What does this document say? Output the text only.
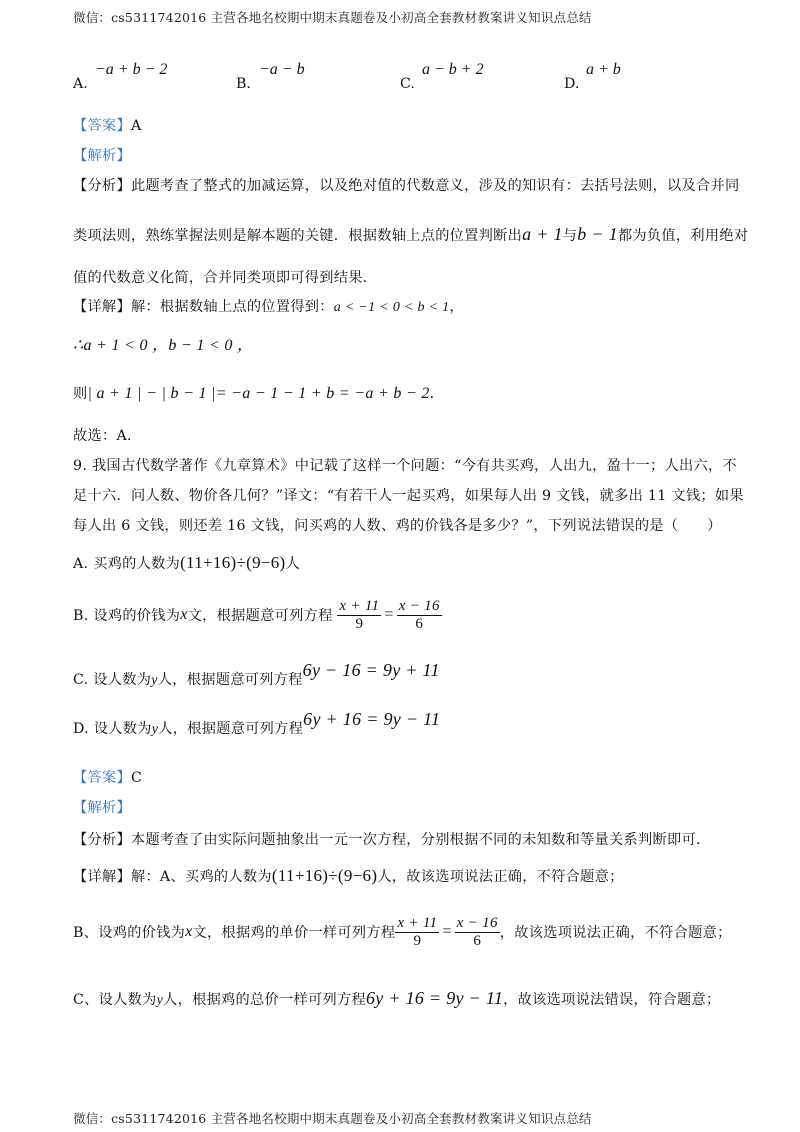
微信：cs5311742016 主营各地名校期中期末真题卷及小初高全套教材教案讲义知识点总结
A.
−a + b − 2
B.
−a − b
C.
a − b + 2
D.
a + b
【答案】A
【解析】
【分析】此题考查了整式的加减运算，以及绝对值的代数意义，涉及的知识有：去括号法则，以及合并同
类项法则，熟练掌握法则是解本题的关键．根据数轴上点的位置判断出a + 1与b − 1都为负值，利用绝对
值的代数意义化简，合并同类项即可得到结果．
【详解】解：根据数轴上点的位置得到：a < −1 < 0 < b < 1，
∴a + 1 < 0 ，b − 1 < 0 ，
则| a + 1 | − | b − 1 |= −a − 1 − 1 + b = −a + b − 2．
故选：A．
9. 我国古代数学著作《九章算术》中记载了这样一个问题：“今有共买鸡，人出九，盈十一；人出六，不
足十六．问人数、物价各几何？”译文：“有若干人一起买鸡，如果每人出 9 文钱，就多出 11 文钱；如果
每人出 6 文钱，则还差 16 文钱，问买鸡的人数、鸡的价钱各是多少？”，下列说法错误的是（　　）
A. 买鸡的人数为(11+16)÷(9−6)人
B. 设鸡的价钱为x文，根据题意可列方程 $\frac{x + 11}{9} = \frac{x - 16}{6}$
C. 设人数为y人，根据题意可列方程6y − 16 = 9y + 11
D. 设人数为y人，根据题意可列方程6y + 16 = 9y − 11
【答案】C
【解析】
【分析】本题考查了由实际问题抽象出一元一次方程，分别根据不同的未知数和等量关系判断即可．
【详解】解：A、买鸡的人数为(11+16)÷(9−6)人，故该选项说法正确，不符合题意；
B、设鸡的价钱为x文，根据鸡的单价一样可列方程 $\frac{x + 11}{9} = \frac{x - 16}{6}$ ，故该选项说法正确，不符合题意；
C、设人数为y人，根据鸡的总价一样可列方程6y + 16 = 9y − 11，故该选项说法错误，符合题意；
微信：cs5311742016 主营各地名校期中期末真题卷及小初高全套教材教案讲义知识点总结
